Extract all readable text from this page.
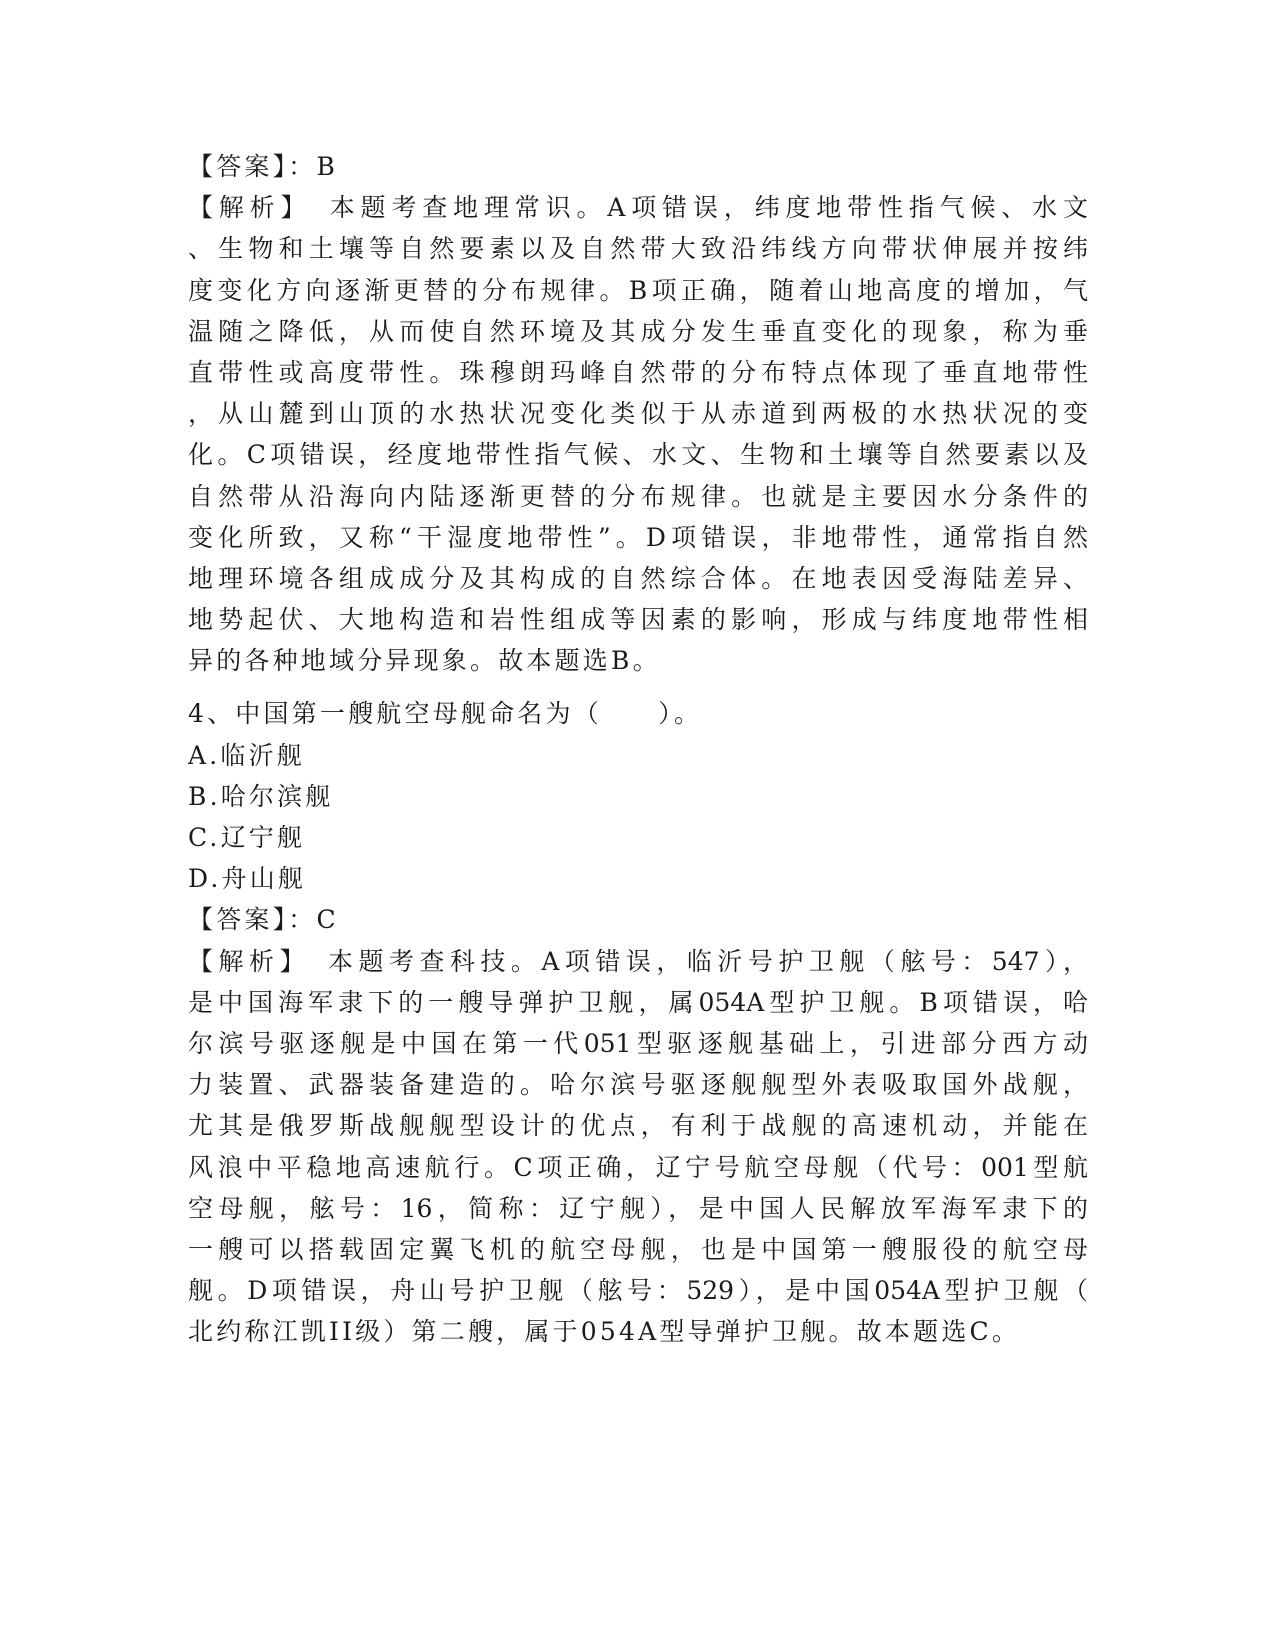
【答案】：B

【解析】　本题考查地理常识。A项错误，纬度地带性指气候、水文

、生物和土壤等自然要素以及自然带大致沿纬线方向带状伸展并按纬

度变化方向逐渐更替的分布规律。B项正确，随着山地高度的增加，气

温随之降低，从而使自然环境及其成分发生垂直变化的现象，称为垂

直带性或高度带性。珠穆朗玛峰自然带的分布特点体现了垂直地带性

，从山麓到山顶的水热状况变化类似于从赤道到两极的水热状况的变

化。C项错误，经度地带性指气候、水文、生物和土壤等自然要素以及

自然带从沿海向内陆逐渐更替的分布规律。也就是主要因水分条件的

变化所致，又称“干湿度地带性”。D项错误，非地带性，通常指自然

地理环境各组成成分及其构成的自然综合体。在地表因受海陆差异、

地势起伏、大地构造和岩性组成等因素的影响，形成与纬度地带性相

异的各种地域分异现象。故本题选B。

4、中国第一艘航空母舰命名为（　　）。

A.临沂舰

B.哈尔滨舰

C.辽宁舰

D.舟山舰

【答案】：C

【解析】　本题考查科技。A项错误，临沂号护卫舰（舷号：547），

是中国海军隶下的一艘导弹护卫舰，属054A型护卫舰。B项错误，哈

尔滨号驱逐舰是中国在第一代051型驱逐舰基础上，引进部分西方动

力装置、武器装备建造的。哈尔滨号驱逐舰舰型外表吸取国外战舰，

尤其是俄罗斯战舰舰型设计的优点，有利于战舰的高速机动，并能在

风浪中平稳地高速航行。C项正确，辽宁号航空母舰（代号：001型航

空母舰，舷号：16，简称：辽宁舰），是中国人民解放军海军隶下的

一艘可以搭载固定翼飞机的航空母舰，也是中国第一艘服役的航空母

舰。D项错误，舟山号护卫舰（舷号：529），是中国054A型护卫舰（

北约称江凯II级）第二艘，属于054A型导弹护卫舰。故本题选C。
